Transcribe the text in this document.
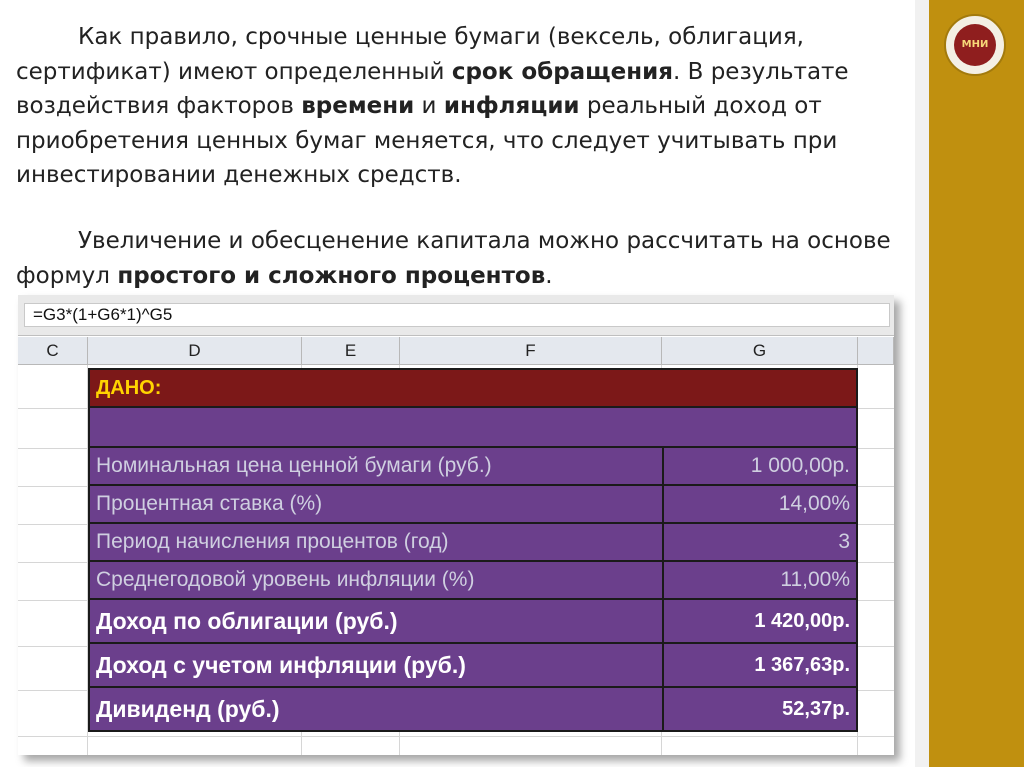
Как правило, срочные ценные бумаги (вексель, облигация, сертификат) имеют определенный срок обращения. В результате воздействия факторов времени и инфляции реальный доход от приобретения ценных бумаг меняется, что следует учитывать при инвестировании денежных средств.
Увеличение и обесценение капитала можно рассчитать на основе формул простого и сложного процентов.
=G3*(1+G6*1)^G5
C	D	E	F	G
ДАНО:
Номинальная цена ценной бумаги (руб.)	1 000,00р.
Процентная ставка (%)	14,00%
Период начисления процентов (год)	3
Среднегодовой уровень инфляции (%)	11,00%
Доход по облигации (руб.)	1 420,00р.
Доход с учетом инфляции (руб.)	1 367,63р.
Дивиденд (руб.)	52,37р.
МНИ
